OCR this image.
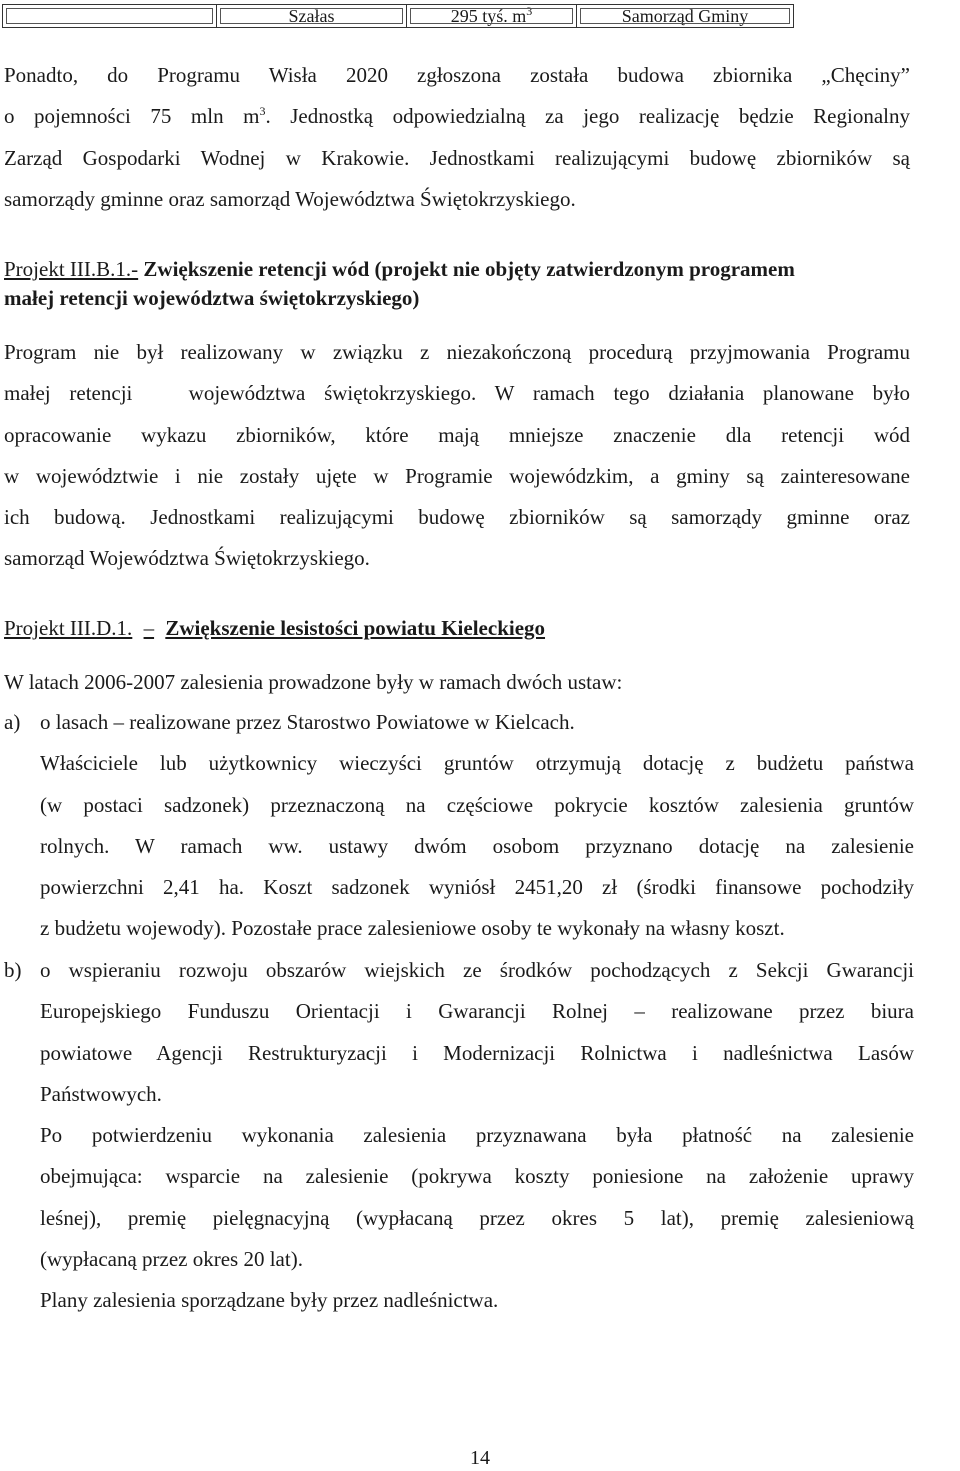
Szałas	295 tyś. $m^3$	Samorząd Gminy
Ponadto, do Programu Wisła 2020 zgłoszona została budowa zbiornika „Chęciny”
o pojemności 75 mln $m^3$. Jednostką odpowiedzialną za jego realizację będzie Regionalny
Zarząd Gospodarki Wodnej w Krakowie. Jednostkami realizującymi budowę zbiorników są
samorządy gminne oraz samorząd Województwa Świętokrzyskiego.
Projekt III.B.1.- Zwiększenie retencji wód (projekt nie objęty zatwierdzonym programem
małej retencji województwa świętokrzyskiego)
Program nie był realizowany w związku z niezakończoną procedurą przyjmowania Programu
małej retencji   województwa świętokrzyskiego. W ramach tego działania planowane było
opracowanie wykazu zbiorników, które mają mniejsze znaczenie dla retencji wód
w województwie i nie zostały ujęte w Programie wojewódzkim, a gminy są zainteresowane
ich budową. Jednostkami realizującymi budowę zbiorników są samorządy gminne oraz
samorząd Województwa Świętokrzyskiego.
Projekt III.D.1. – Zwiększenie lesistości powiatu Kieleckiego
W latach 2006-2007 zalesienia prowadzone były w ramach dwóch ustaw:
a) o lasach – realizowane przez Starostwo Powiatowe w Kielcach.
Właściciele lub użytkownicy wieczyści gruntów otrzymują dotację z budżetu państwa
(w postaci sadzonek) przeznaczoną na częściowe pokrycie kosztów zalesienia gruntów
rolnych. W ramach ww. ustawy dwóm osobom przyznano dotację na zalesienie
powierzchni 2,41 ha. Koszt sadzonek wyniósł 2451,20 zł (środki finansowe pochodziły
z budżetu wojewody). Pozostałe prace zalesieniowe osoby te wykonały na własny koszt.
b) o wspieraniu rozwoju obszarów wiejskich ze środków pochodzących z Sekcji Gwarancji
Europejskiego Funduszu Orientacji i Gwarancji Rolnej – realizowane przez biura
powiatowe Agencji Restrukturyzacji i Modernizacji Rolnictwa i nadleśnictwa Lasów
Państwowych.
Po potwierdzeniu wykonania zalesienia przyznawana była płatność na zalesienie
obejmująca: wsparcie na zalesienie (pokrywa koszty poniesione na założenie uprawy
leśnej), premię pielęgnacyjną (wypłacaną przez okres 5 lat), premię zalesieniową
(wypłacaną przez okres 20 lat).
Plany zalesienia sporządzane były przez nadleśnictwa.
14
